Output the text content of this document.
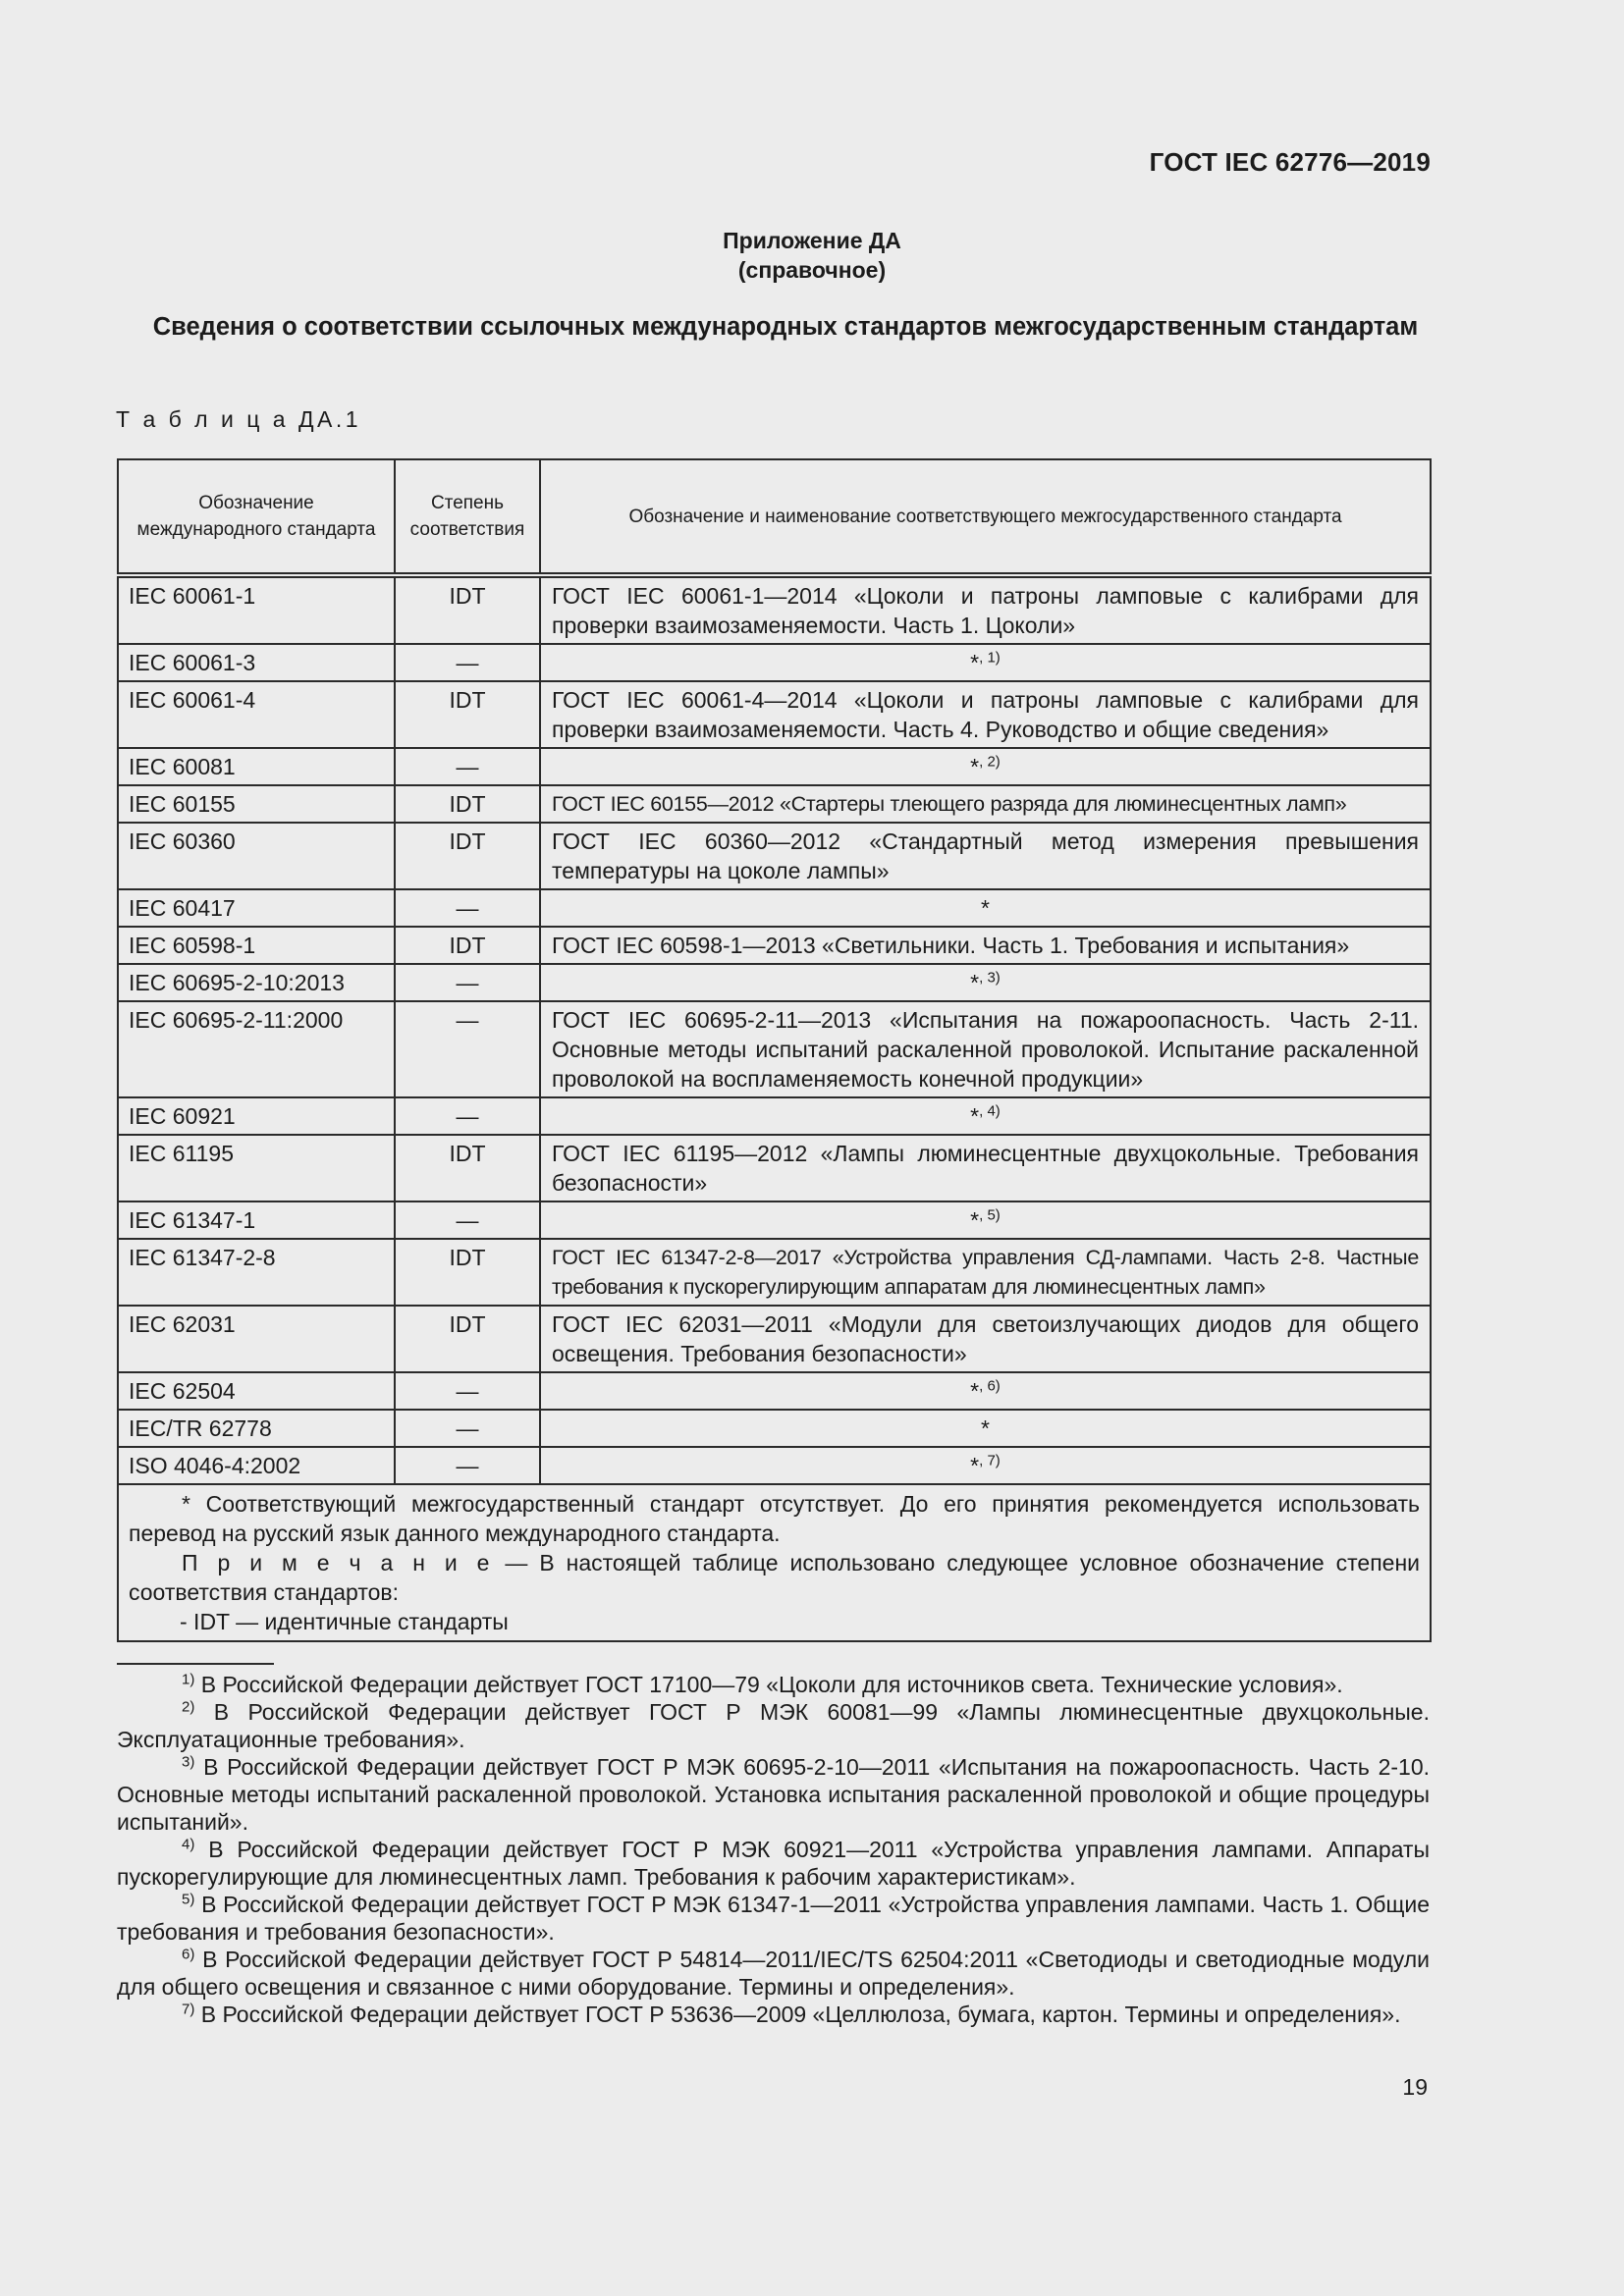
ГОСТ IEC 62776—2019
Приложение ДА
(справочное)
Сведения о соответствии ссылочных международных стандартов межгосударственным стандартам
Т а б л и ц а ДА.1
Обозначение международного стандарта	Степень соответствия	Обозначение и наименование соответствующего межгосударственного стандарта
IEC 60061-1	IDT	ГОСТ IEC 60061-1—2014 «Цоколи и патроны ламповые с калибрами для проверки взаимозаменяемости. Часть 1. Цоколи»
IEC 60061-3	—	*$^{, 1)}$
IEC 60061-4	IDT	ГОСТ IEC 60061-4—2014 «Цоколи и патроны ламповые с калибрами для проверки взаимозаменяемости. Часть 4. Руководство и общие сведения»
IEC 60081	—	*$^{, 2)}$
IEC 60155	IDT	ГОСТ IEC 60155—2012 «Стартеры тлеющего разряда для люминесцентных ламп»
IEC 60360	IDT	ГОСТ IEC 60360—2012 «Стандартный метод измерения превышения температуры на цоколе лампы»
IEC 60417	—	*
IEC 60598-1	IDT	ГОСТ IEC 60598-1—2013 «Светильники. Часть 1. Требования и испытания»
IEC 60695-2-10:2013	—	*$^{, 3)}$
IEC 60695-2-11:2000	—	ГОСТ IEC 60695-2-11—2013 «Испытания на пожароопасность. Часть 2-11. Основные методы испытаний раскаленной проволокой. Испытание раскаленной проволокой на воспламеняемость конечной продукции»
IEC 60921	—	*$^{, 4)}$
IEC 61195	IDT	ГОСТ IEC 61195—2012 «Лампы люминесцентные двухцокольные. Требования безопасности»
IEC 61347-1	—	*$^{, 5)}$
IEC 61347-2-8	IDT	ГОСТ IEC 61347-2-8—2017 «Устройства управления СД-лампами. Часть 2-8. Частные требования к пускорегулирующим аппаратам для люминесцентных ламп»
IEC 62031	IDT	ГОСТ IEC 62031—2011 «Модули для светоизлучающих диодов для общего освещения. Требования безопасности»
IEC 62504	—	*$^{, 6)}$
IEC/TR 62778	—	*
ISO 4046-4:2002	—	*$^{, 7)}$

* Соответствующий межгосударственный стандарт отсутствует. До его принятия рекомендуется использовать перевод на русский язык данного международного стандарта.

П р и м е ч а н и е — В настоящей таблице использовано следующее условное обозначение степени соответствия стандартов:

- IDT — идентичные стандарты		

$^{1)}$ В Российской Федерации действует ГОСТ 17100—79 «Цоколи для источников света. Технические условия».

$^{2)}$ В Российской Федерации действует ГОСТ Р МЭК 60081—99 «Лампы люминесцентные двухцокольные. Эксплуатационные требования».

$^{3)}$ В Российской Федерации действует ГОСТ Р МЭК 60695-2-10—2011 «Испытания на пожароопасность. Часть 2-10. Основные методы испытаний раскаленной проволокой. Установка испытания раскаленной проволокой и общие процедуры испытаний».

$^{4)}$ В Российской Федерации действует ГОСТ Р МЭК 60921—2011 «Устройства управления лампами. Аппараты пускорегулирующие для люминесцентных ламп. Требования к рабочим характеристикам».

$^{5)}$ В Российской Федерации действует ГОСТ Р МЭК 61347-1—2011 «Устройства управления лампами. Часть 1. Общие требования и требования безопасности».

$^{6)}$ В Российской Федерации действует ГОСТ Р 54814—2011/IEC/TS 62504:2011 «Светодиоды и светодиодные модули для общего освещения и связанное с ними оборудование. Термины и определения».

$^{7)}$ В Российской Федерации действует ГОСТ Р 53636—2009 «Целлюлоза, бумага, картон. Термины и определения».

19
